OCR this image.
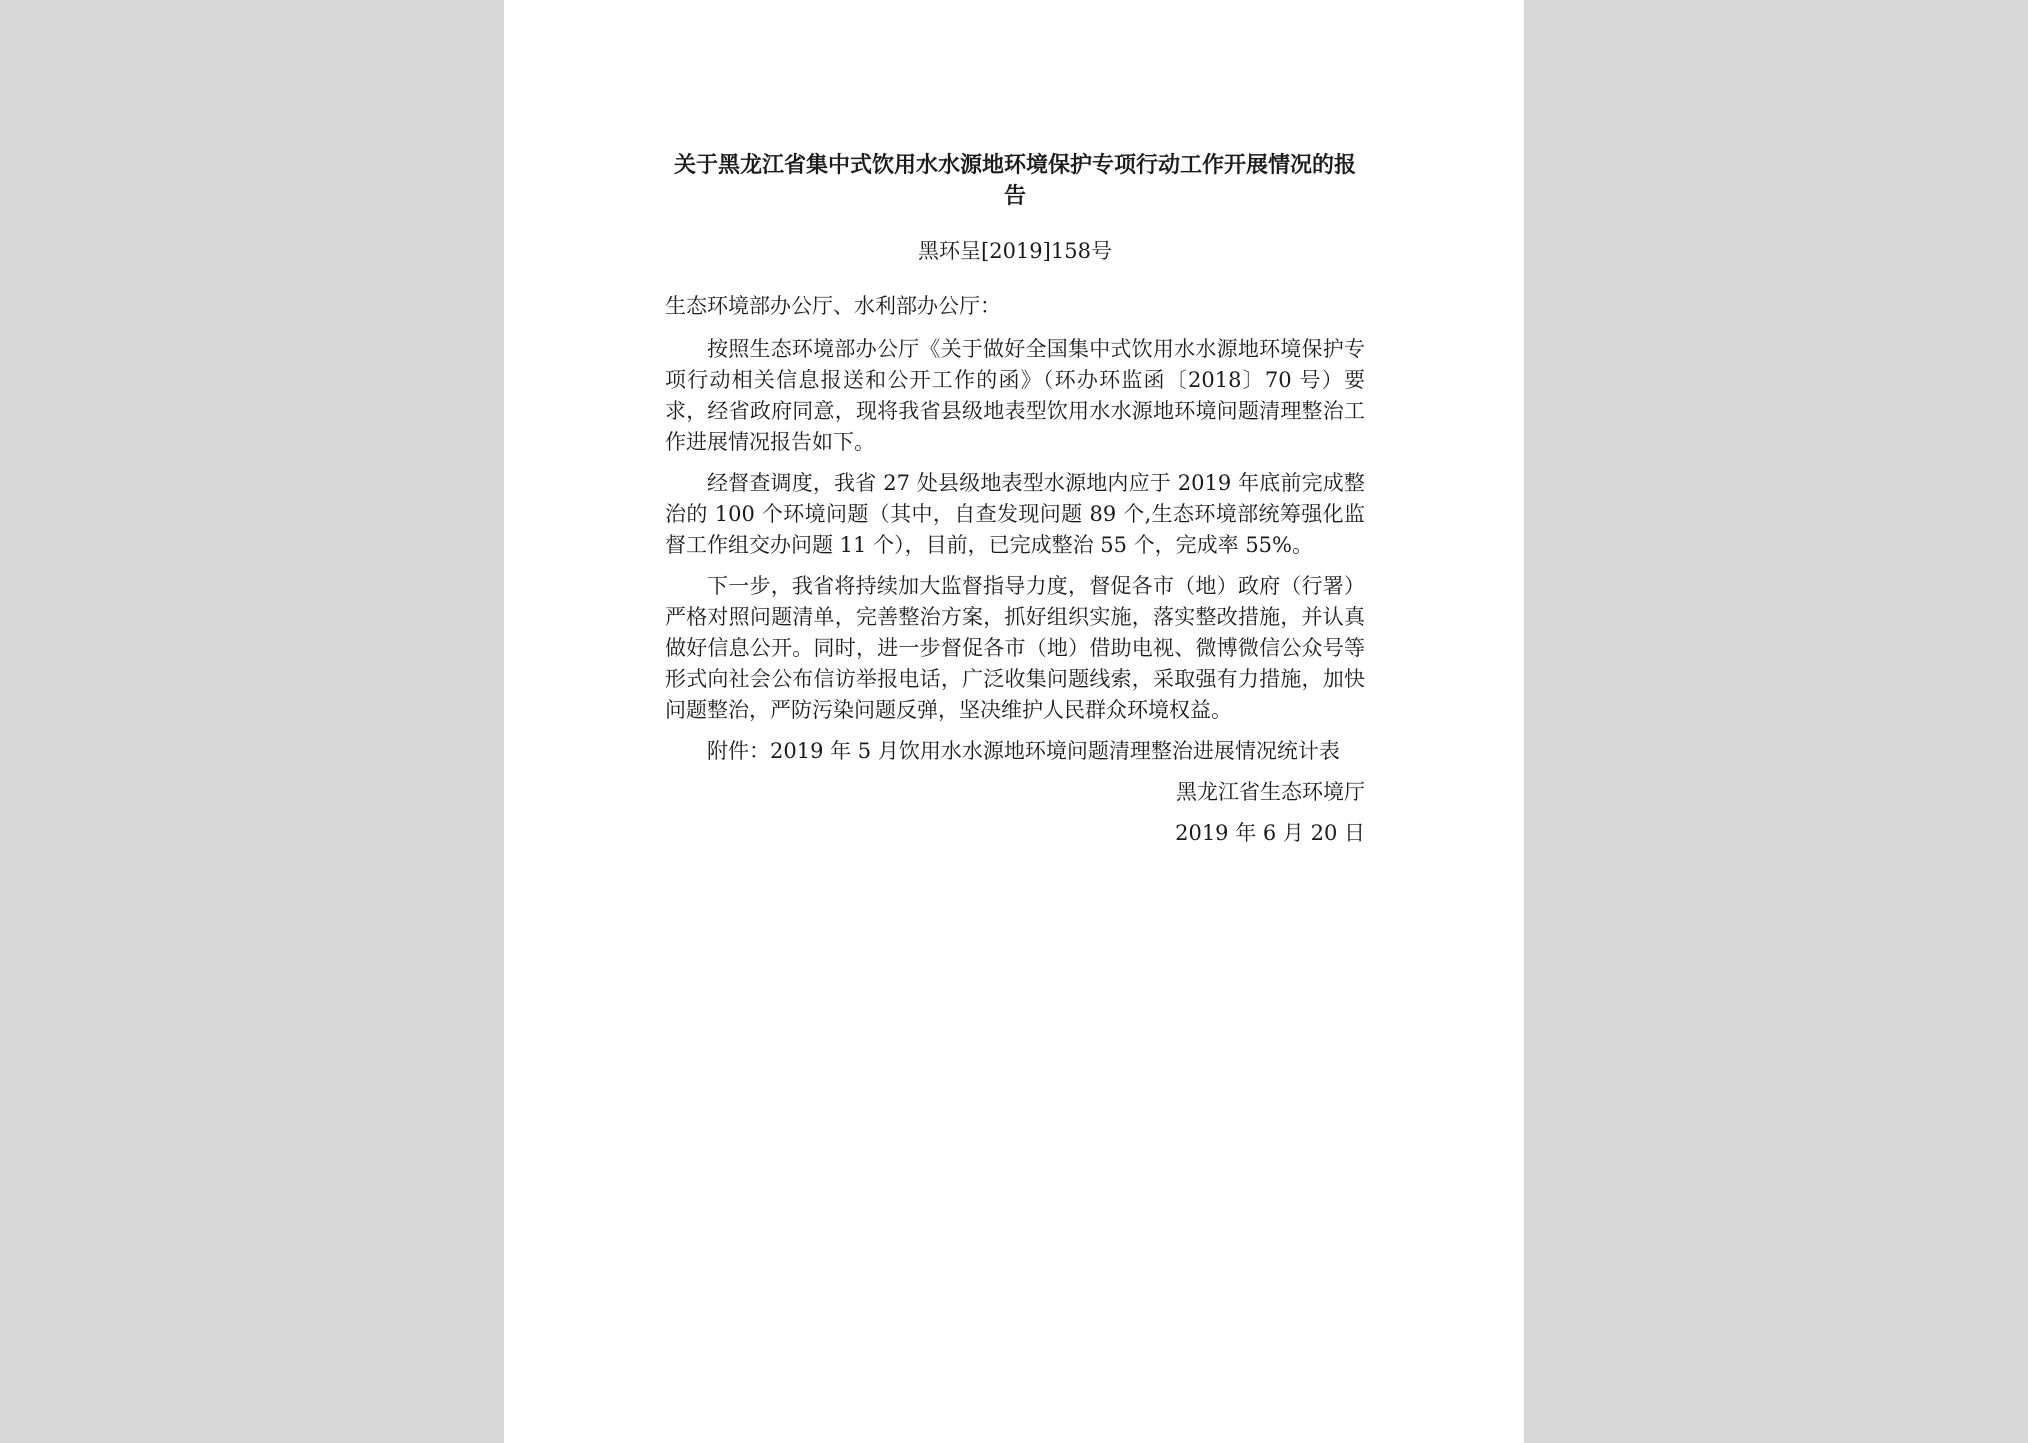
关于黑龙江省集中式饮用水水源地环境保护专项行动工作开展情况的报告
黑环呈[2019]158号
生态环境部办公厅、水利部办公厅：

按照生态环境部办公厅《关于做好全国集中式饮用水水源地环境保护专项行动相关信息报送和公开工作的函》（环办环监函〔2018〕70 号）要求，经省政府同意，现将我省县级地表型饮用水水源地环境问题清理整治工作进展情况报告如下。

经督查调度，我省 27 处县级地表型水源地内应于 2019 年底前完成整治的 100 个环境问题（其中，自查发现问题 89 个,生态环境部统筹强化监督工作组交办问题 11 个），目前，已完成整治 55 个，完成率 55%。

下一步，我省将持续加大监督指导力度，督促各市（地）政府（行署）严格对照问题清单，完善整治方案，抓好组织实施，落实整改措施，并认真做好信息公开。同时，进一步督促各市（地）借助电视、微博微信公众号等形式向社会公布信访举报电话，广泛收集问题线索，采取强有力措施，加快问题整治，严防污染问题反弹，坚决维护人民群众环境权益。

附件：2019 年 5 月饮用水水源地环境问题清理整治进展情况统计表

黑龙江省生态环境厅
2019 年 6 月 20 日
